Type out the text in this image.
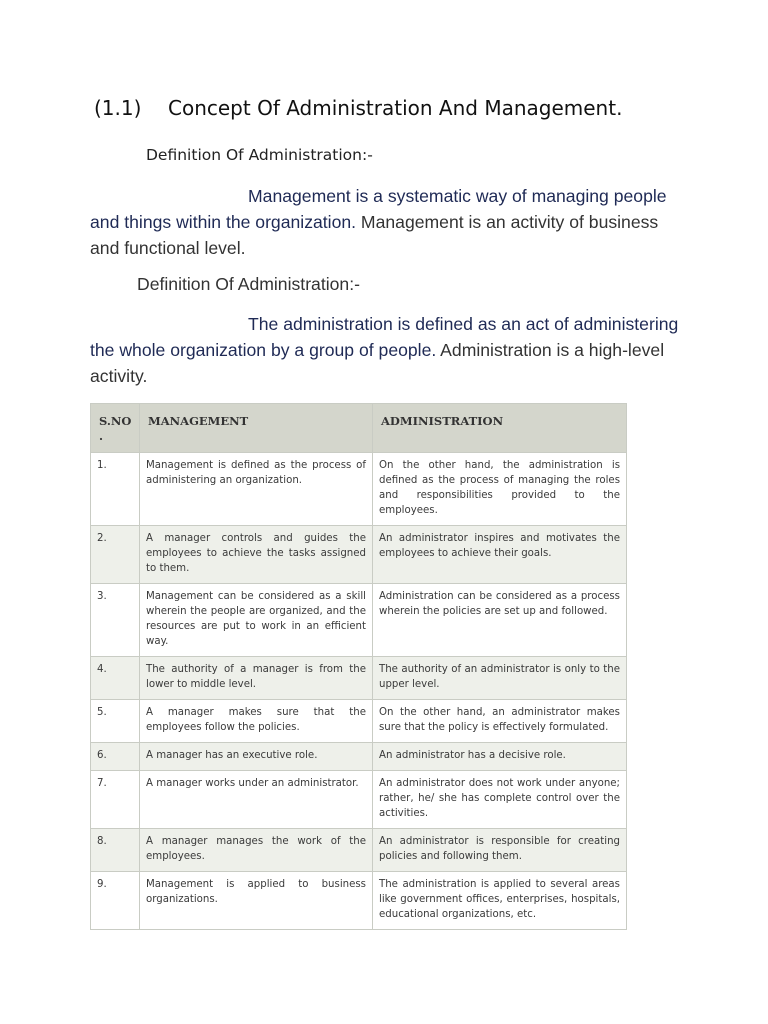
(1.1) Concept Of Administration And Management.

Definition Of Administration:-

Management is a systematic way of managing people and things within the organization. Management is an activity of business and functional level.

Definition Of Administration:-

The administration is defined as an act of administering the whole organization by a group of people. Administration is a high-level activity.

S.NO .	MANAGEMENT	ADMINISTRATION
1.	Management is defined as the process of administering an organization.	On the other hand, the administration is defined as the process of managing the roles and responsibilities provided to the employees.
2.	A manager controls and guides the employees to achieve the tasks assigned to them.	An administrator inspires and motivates the employees to achieve their goals.
3.	Management can be considered as a skill wherein the people are organized, and the resources are put to work in an efficient way.	Administration can be considered as a process wherein the policies are set up and followed.
4.	The authority of a manager is from the lower to middle level.	The authority of an administrator is only to the upper level.
5.	A manager makes sure that the employees follow the policies.	On the other hand, an administrator makes sure that the policy is effectively formulated.
6.	A manager has an executive role.	An administrator has a decisive role.
7.	A manager works under an administrator.	An administrator does not work under anyone; rather, he/ she has complete control over the activities.
8.	A manager manages the work of the employees.	An administrator is responsible for creating policies and following them.
9.	Management is applied to business organizations.	The administration is applied to several areas like government offices, enterprises, hospitals, educational organizations, etc.
